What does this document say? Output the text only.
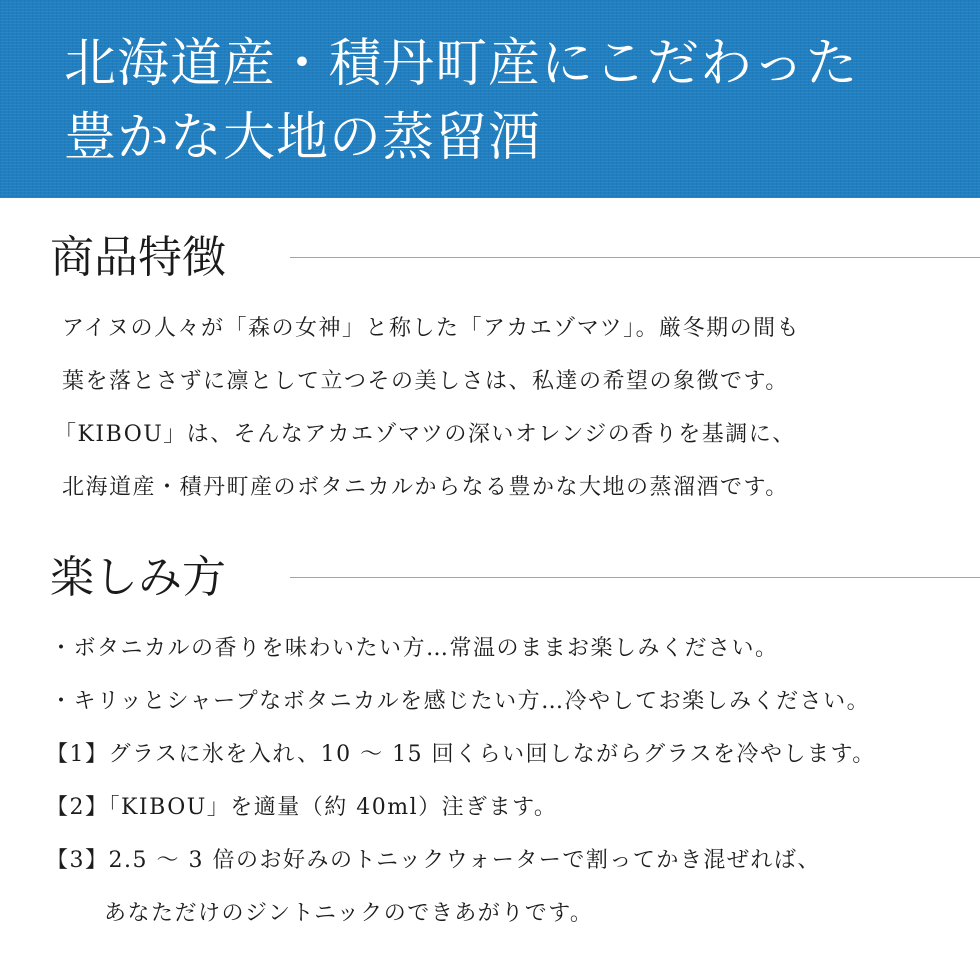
北海道産・積丹町産にこだわった
豊かな大地の蒸留酒
商品特徴
アイヌの人々が「森の女神」と称した「アカエゾマツ」。厳冬期の間も
葉を落とさずに凛として立つその美しさは、私達の希望の象徴です。
「KIBOU」は、そんなアカエゾマツの深いオレンジの香りを基調に、
北海道産・積丹町産のボタニカルからなる豊かな大地の蒸溜酒です。
楽しみ方
・ボタニカルの香りを味わいたい方…常温のままお楽しみください。
・キリッとシャープなボタニカルを感じたい方…冷やしてお楽しみください。
【1】グラスに氷を入れ、10 〜 15 回くらい回しながらグラスを冷やします。
【2】「KIBOU」を適量（約 40ml）注ぎます。
【3】2.5 〜 3 倍のお好みのトニックウォーターで割ってかき混ぜれば、
あなただけのジントニックのできあがりです。
